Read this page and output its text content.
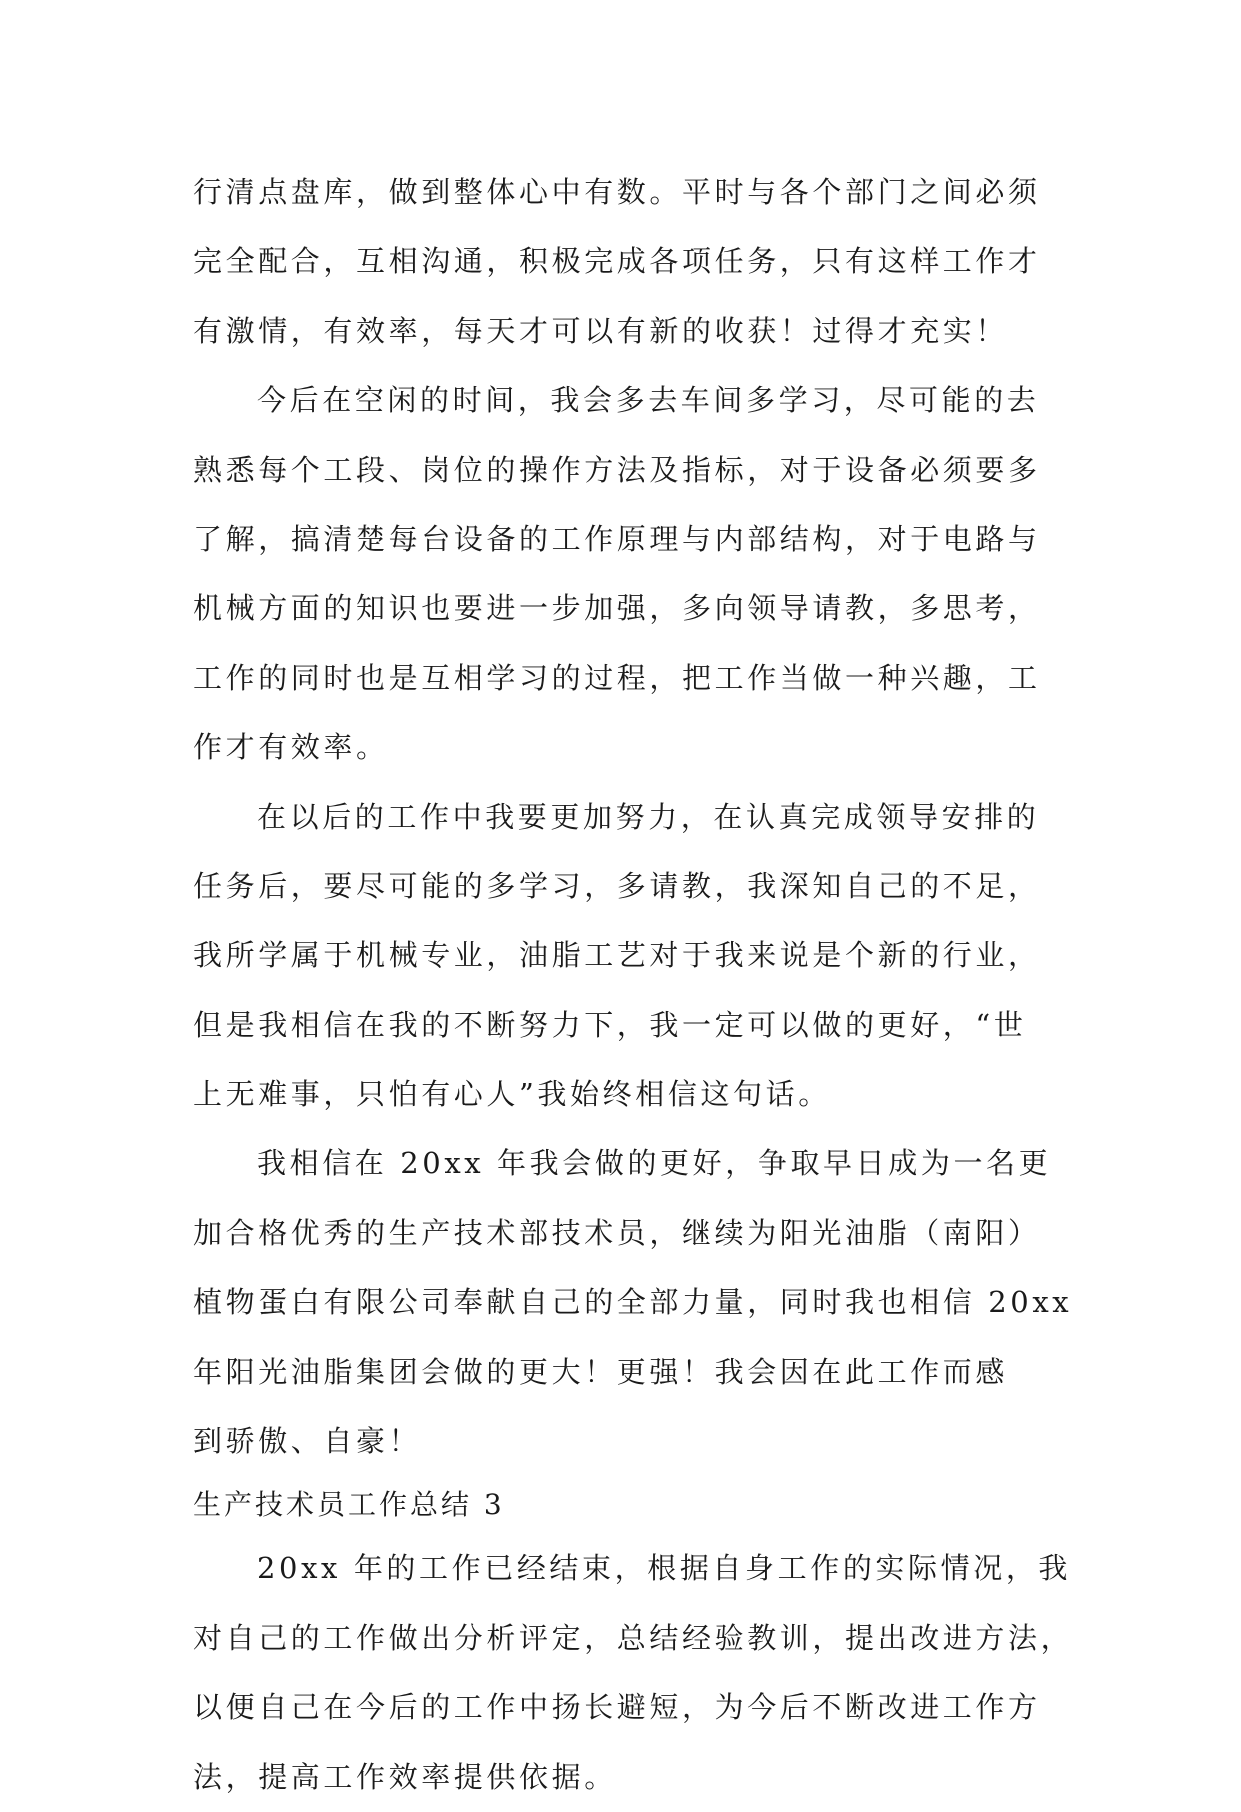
行清点盘库，做到整体心中有数。平时与各个部门之间必须
完全配合，互相沟通，积极完成各项任务，只有这样工作才
有激情，有效率，每天才可以有新的收获！过得才充实！
今后在空闲的时间，我会多去车间多学习，尽可能的去
熟悉每个工段、岗位的操作方法及指标，对于设备必须要多
了解，搞清楚每台设备的工作原理与内部结构，对于电路与
机械方面的知识也要进一步加强，多向领导请教，多思考，
工作的同时也是互相学习的过程，把工作当做一种兴趣，工
作才有效率。
在以后的工作中我要更加努力，在认真完成领导安排的
任务后，要尽可能的多学习，多请教，我深知自己的不足，
我所学属于机械专业，油脂工艺对于我来说是个新的行业，
但是我相信在我的不断努力下，我一定可以做的更好，“世
上无难事，只怕有心人”我始终相信这句话。
我相信在 20xx 年我会做的更好，争取早日成为一名更
加合格优秀的生产技术部技术员，继续为阳光油脂（南阳）
植物蛋白有限公司奉献自己的全部力量，同时我也相信 20xx
年阳光油脂集团会做的更大！更强！我会因在此工作而感
到骄傲、自豪！
生产技术员工作总结 3
20xx 年的工作已经结束，根据自身工作的实际情况，我
对自己的工作做出分析评定，总结经验教训，提出改进方法，
以便自己在今后的工作中扬长避短，为今后不断改进工作方
法，提高工作效率提供依据。
